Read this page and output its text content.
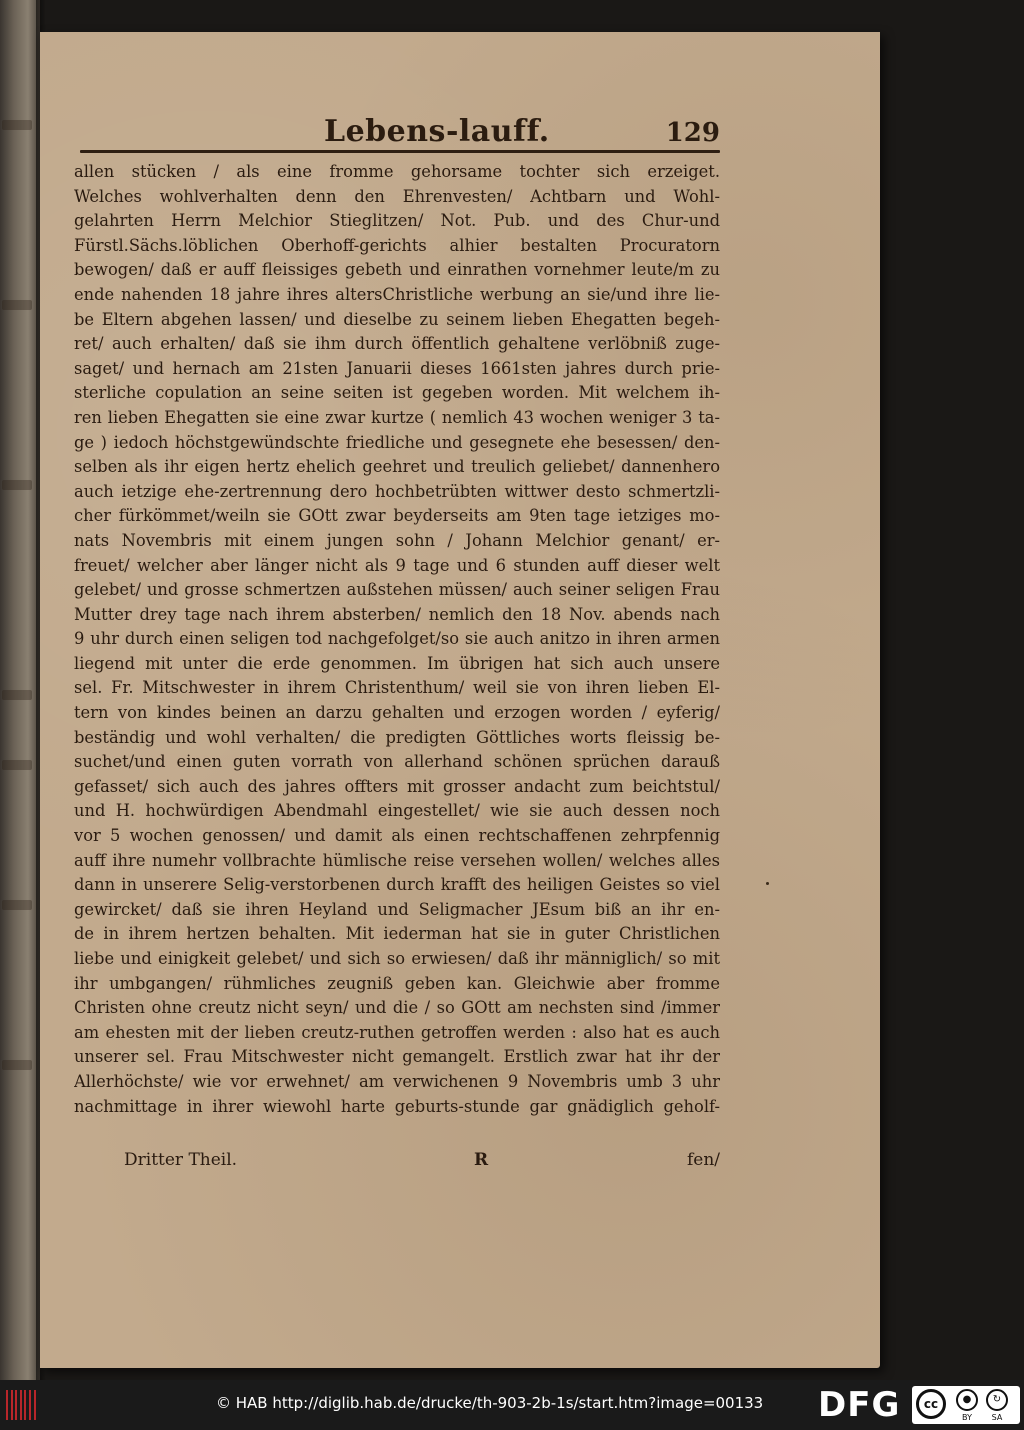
Lebens-lauff.	129
allen stücken / als eine fromme gehorsame tochter sich erzeiget.
Welches wohlverhalten denn den Ehrenvesten/ Achtbarn und Wohl-
gelahrten Herrn Melchior Stieglitzen/ Not. Pub. und des Chur-und
Fürstl.Sächs.löblichen Oberhoff-gerichts alhier bestalten Procuratorn
bewogen/ daß er auff fleissiges gebeth und einrathen vornehmer leute/m zu
ende nahenden 18 jahre ihres altersChristliche werbung an sie/und ihre lie-
be Eltern abgehen lassen/ und dieselbe zu seinem lieben Ehegatten begeh-
ret/ auch erhalten/ daß sie ihm durch öffentlich gehaltene verlöbniß zuge-
saget/ und hernach am 21sten Januarii dieses 1661sten jahres durch prie-
sterliche copulation an seine seiten ist gegeben worden. Mit welchem ih-
ren lieben Ehegatten sie eine zwar kurtze ( nemlich 43 wochen weniger 3 ta-
ge ) iedoch höchstgewündschte friedliche und gesegnete ehe besessen/ den-
selben als ihr eigen hertz ehelich geehret und treulich geliebet/ dannenhero
auch ietzige ehe-zertrennung dero hochbetrübten wittwer desto schmertzli-
cher fürkömmet/weiln sie GOtt zwar beyderseits am 9ten tage ietziges mo-
nats Novembris mit einem jungen sohn / Johann Melchior genant/ er-
freuet/ welcher aber länger nicht als 9 tage und 6 stunden auff dieser welt
gelebet/ und grosse schmertzen außstehen müssen/ auch seiner seligen Frau
Mutter drey tage nach ihrem absterben/ nemlich den 18 Nov. abends nach
9 uhr durch einen seligen tod nachgefolget/so sie auch anitzo in ihren armen
liegend mit unter die erde genommen. Im übrigen hat sich auch unsere
sel. Fr. Mitschwester in ihrem Christenthum/ weil sie von ihren lieben El-
tern von kindes beinen an darzu gehalten und erzogen worden / eyferig/
beständig und wohl verhalten/ die predigten Göttliches worts fleissig be-
suchet/und einen guten vorrath von allerhand schönen sprüchen darauß
gefasset/ sich auch des jahres offters mit grosser andacht zum beichtstul/
und H. hochwürdigen Abendmahl eingestellet/ wie sie auch dessen noch
vor 5 wochen genossen/ und damit als einen rechtschaffenen zehrpfennig
auff ihre numehr vollbrachte hümlische reise versehen wollen/ welches alles
dann in unserere Selig-verstorbenen durch krafft des heiligen Geistes so viel
gewircket/ daß sie ihren Heyland und Seligmacher JEsum biß an ihr en-
de in ihrem hertzen behalten. Mit iederman hat sie in guter Christlichen
liebe und einigkeit gelebet/ und sich so erwiesen/ daß ihr männiglich/ so mit
ihr umbgangen/ rühmliches zeugniß geben kan. Gleichwie aber fromme
Christen ohne creutz nicht seyn/ und die / so GOtt am nechsten sind /immer
am ehesten mit der lieben creutz-ruthen getroffen werden : also hat es auch
unserer sel. Frau Mitschwester nicht gemangelt. Erstlich zwar hat ihr der
Allerhöchste/ wie vor erwehnet/ am verwichenen 9 Novembris umb 3 uhr
nachmittage in ihrer wiewohl harte geburts-stunde gar gnädiglich geholf-
Dritter Theil.	R	fen/
© HAB http://diglib.hab.de/drucke/th-903-2b-1s/start.htm?image=00133 DFG	cc	●	↻
BY	SA
